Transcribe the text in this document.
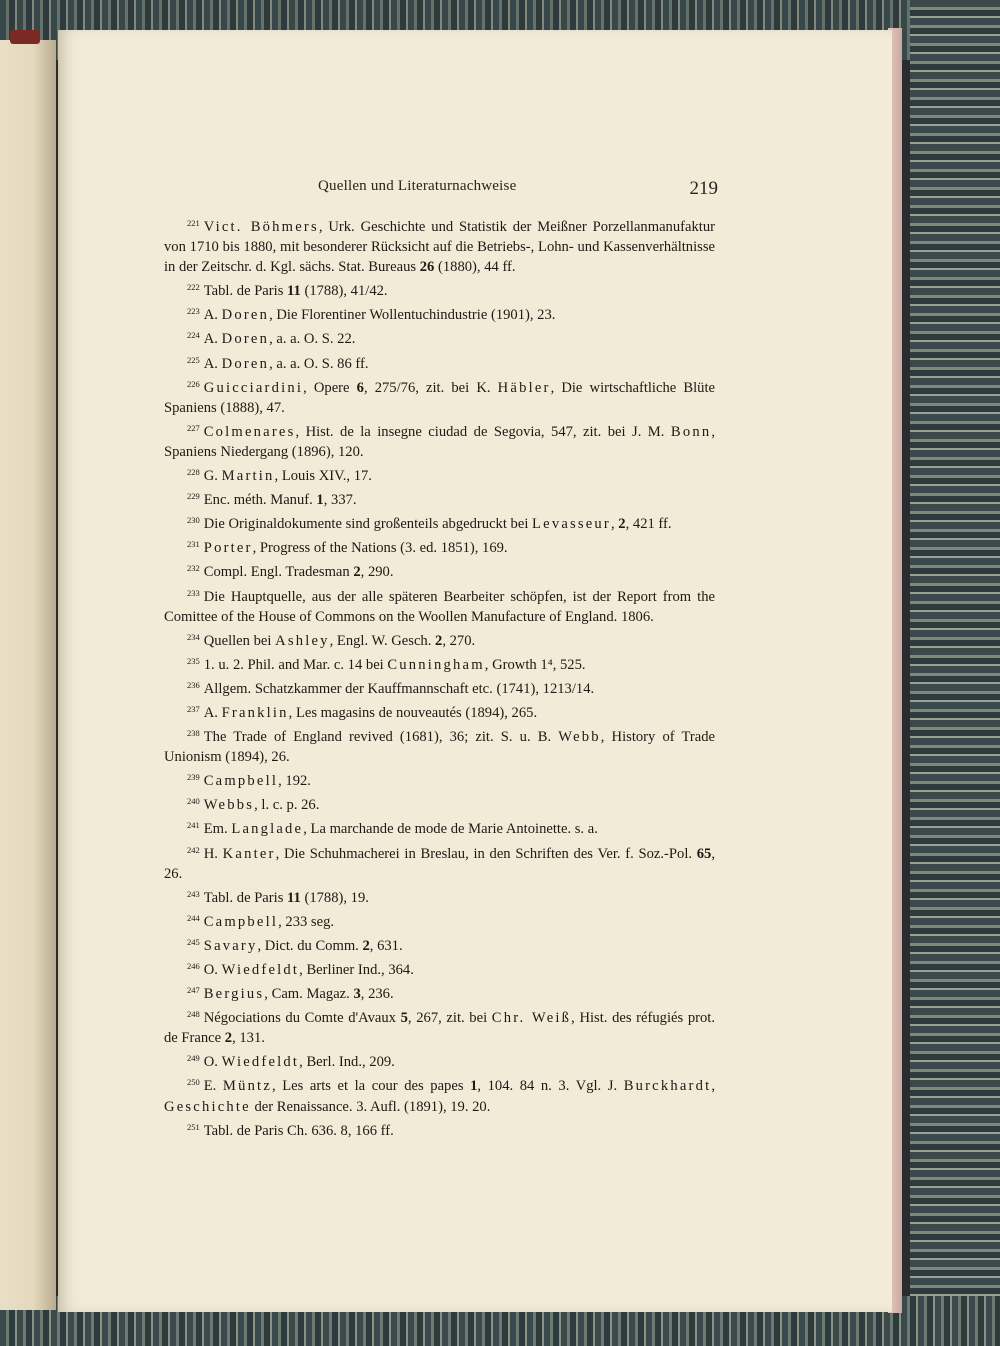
Quellen und Literaturnachweise	219

$^{221}$ Vict. Böhmers, Urk. Geschichte und Statistik der Meißner Porzellanmanufaktur von 1710 bis 1880, mit besonderer Rücksicht auf die Betriebs-, Lohn- und Kassenverhältnisse in der Zeitschr. d. Kgl. sächs. Stat. Bureaus 26 (1880), 44 ff.

$^{222}$ Tabl. de Paris 11 (1788), 41/42.

$^{223}$ A. Doren, Die Florentiner Wollentuchindustrie (1901), 23.

$^{224}$ A. Doren, a. a. O. S. 22.

$^{225}$ A. Doren, a. a. O. S. 86 ff.

$^{226}$ Guicciardini, Opere 6, 275/76, zit. bei K. Häbler, Die wirtschaftliche Blüte Spaniens (1888), 47.

$^{227}$ Colmenares, Hist. de la insegne ciudad de Segovia, 547, zit. bei J. M. Bonn, Spaniens Niedergang (1896), 120.

$^{228}$ G. Martin, Louis XIV., 17.

$^{229}$ Enc. méth. Manuf. 1, 337.

$^{230}$ Die Originaldokumente sind großenteils abgedruckt bei Levasseur, 2, 421 ff.

$^{231}$ Porter, Progress of the Nations (3. ed. 1851), 169.

$^{232}$ Compl. Engl. Tradesman 2, 290.

$^{233}$ Die Hauptquelle, aus der alle späteren Bearbeiter schöpfen, ist der Report from the Comittee of the House of Commons on the Woollen Manufacture of England. 1806.

$^{234}$ Quellen bei Ashley, Engl. W. Gesch. 2, 270.

$^{235}$ 1. u. 2. Phil. and Mar. c. 14 bei Cunningham, Growth 1⁴, 525.

$^{236}$ Allgem. Schatzkammer der Kauffmannschaft etc. (1741), 1213/14.

$^{237}$ A. Franklin, Les magasins de nouveautés (1894), 265.

$^{238}$ The Trade of England revived (1681), 36; zit. S. u. B. Webb, History of Trade Unionism (1894), 26.

$^{239}$ Campbell, 192.

$^{240}$ Webbs, l. c. p. 26.

$^{241}$ Em. Langlade, La marchande de mode de Marie Antoinette. s. a.

$^{242}$ H. Kanter, Die Schuhmacherei in Breslau, in den Schriften des Ver. f. Soz.-Pol. 65, 26.

$^{243}$ Tabl. de Paris 11 (1788), 19.

$^{244}$ Campbell, 233 seg.

$^{245}$ Savary, Dict. du Comm. 2, 631.

$^{246}$ O. Wiedfeldt, Berliner Ind., 364.

$^{247}$ Bergius, Cam. Magaz. 3, 236.

$^{248}$ Négociations du Comte d'Avaux 5, 267, zit. bei Chr. Weiß, Hist. des réfugiés prot. de France 2, 131.

$^{249}$ O. Wiedfeldt, Berl. Ind., 209.

$^{250}$ E. Müntz, Les arts et la cour des papes 1, 104. 84 n. 3. Vgl. J. Burckhardt, Geschichte der Renaissance. 3. Aufl. (1891), 19. 20.

$^{251}$ Tabl. de Paris Ch. 636. 8, 166 ff.
